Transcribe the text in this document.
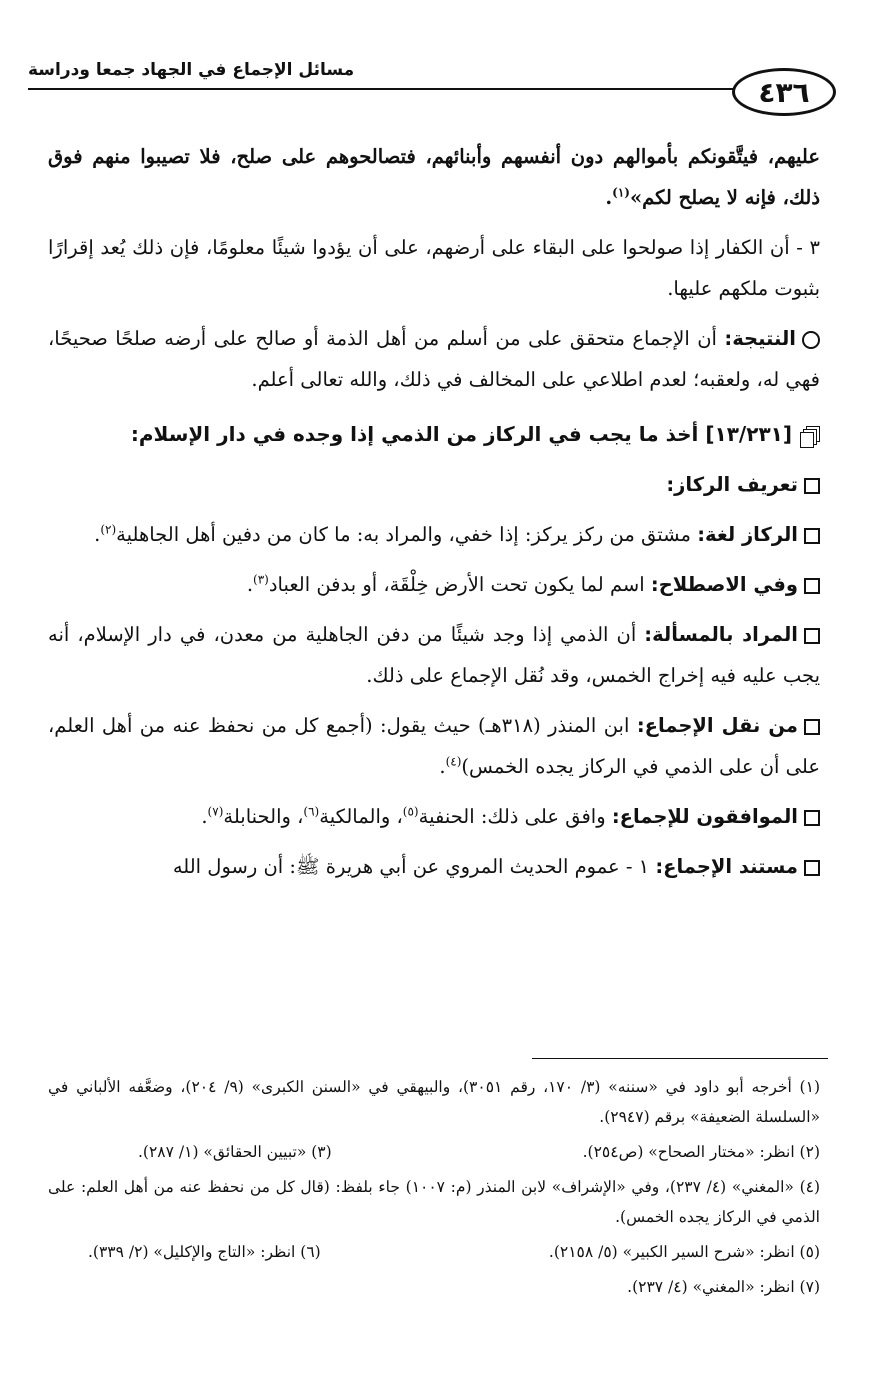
مسائل الإجماع في الجهاد جمعا ودراسة
٤٣٦

عليهم، فيتَّقونكم بأموالهم دون أنفسهم وأبنائهم، فتصالحوهم على صلح، فلا تصيبوا منهم فوق ذلك، فإنه لا يصلح لكم»$^{(١)}$.

٣ - أن الكفار إذا صولحوا على البقاء على أرضهم، على أن يؤدوا شيئًا معلومًا، فإن ذلك يُعد إقرارًا بثبوت ملكهم عليها.

النتيجة: أن الإجماع متحقق على من أسلم من أهل الذمة أو صالح على أرضه صلحًا صحيحًا، فهي له، ولعقبه؛ لعدم اطلاعي على المخالف في ذلك، والله تعالى أعلم.

[١٣/٢٣١] أخذ ما يجب في الركاز من الذمي إذا وجده في دار الإسلام:

تعريف الركاز:

الركاز لغة: مشتق من ركز يركز: إذا خفي، والمراد به: ما كان من دفين أهل الجاهلية$^{(٢)}$.

وفي الاصطلاح: اسم لما يكون تحت الأرض خِلْقَة، أو بدفن العباد$^{(٣)}$.

المراد بالمسألة: أن الذمي إذا وجد شيئًا من دفن الجاهلية من معدن، في دار الإسلام، أنه يجب عليه فيه إخراج الخمس، وقد نُقل الإجماع على ذلك.

من نقل الإجماع: ابن المنذر (٣١٨هـ) حيث يقول: (أجمع كل من نحفظ عنه من أهل العلم، على أن على الذمي في الركاز يجده الخمس)$^{(٤)}$.

الموافقون للإجماع: وافق على ذلك: الحنفية$^{(٥)}$، والمالكية$^{(٦)}$، والحنابلة$^{(٧)}$.

مستند الإجماع: ١ - عموم الحديث المروي عن أبي هريرة ﷺ: أن رسول الله

(١) أخرجه أبو داود في «سننه» (٣/ ١٧٠، رقم ٣٠٥١)، والبيهقي في «السنن الكبرى» (٩/ ٢٠٤)، وضعَّفه الألباني في «السلسلة الضعيفة» برقم (٢٩٤٧).

(٢) انظر: «مختار الصحاح» (ص٢٥٤).
(٣) «تبيين الحقائق» (١/ ٢٨٧).

(٤) «المغني» (٤/ ٢٣٧)، وفي «الإشراف» لابن المنذر (م: ١٠٠٧) جاء بلفظ: (قال كل من نحفظ عنه من أهل العلم: على الذمي في الركاز يجده الخمس).

(٥) انظر: «شرح السير الكبير» (٥/ ٢١٥٨).
(٦) انظر: «التاج والإكليل» (٢/ ٣٣٩).

(٧) انظر: «المغني» (٤/ ٢٣٧).
